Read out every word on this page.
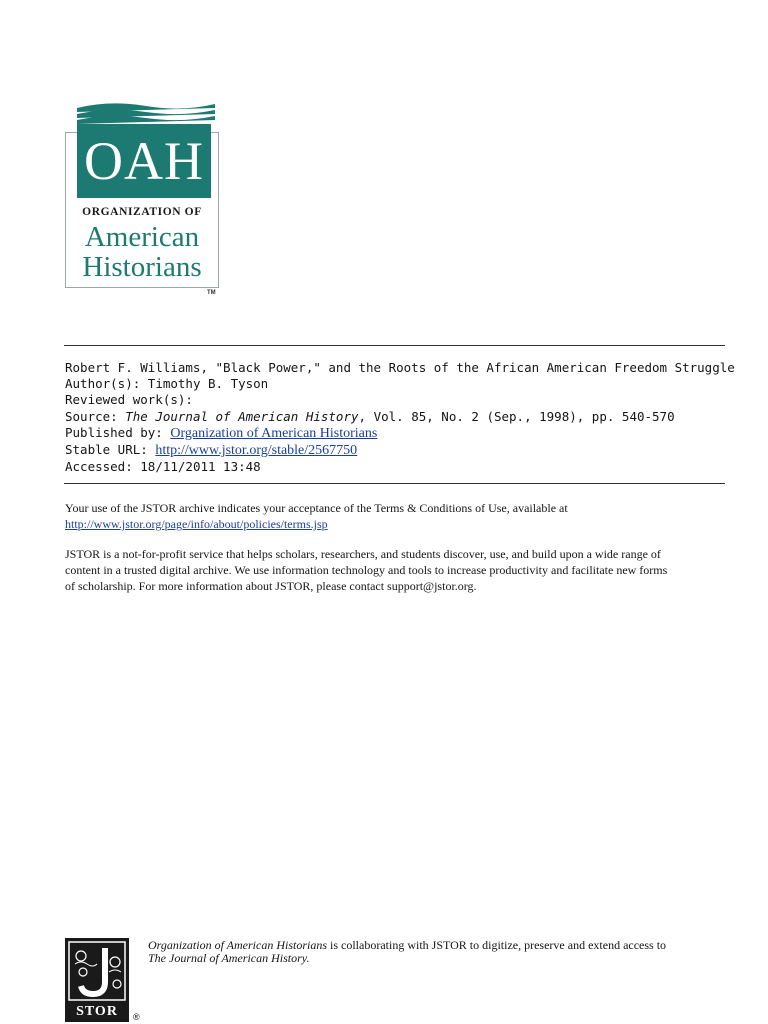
OAH
ORGANIZATION OF
American
Historians
TM
Robert F. Williams, "Black Power," and the Roots of the African American Freedom Struggle
Author(s): Timothy B. Tyson
Reviewed work(s):
Source: The Journal of American History, Vol. 85, No. 2 (Sep., 1998), pp. 540-570
Published by: Organization of American Historians
Stable URL: http://www.jstor.org/stable/2567750
Accessed: 18/11/2011 13:48

Your use of the JSTOR archive indicates your acceptance of the Terms & Conditions of Use, available at
http://www.jstor.org/page/info/about/policies/terms.jsp

JSTOR is a not-for-profit service that helps scholars, researchers, and students discover, use, and build upon a wide range of
content in a trusted digital archive. We use information technology and tools to increase productivity and facilitate new forms
of scholarship. For more information about JSTOR, please contact support@jstor.org.

STOR	®
Organization of American Historians is collaborating with JSTOR to digitize, preserve and extend access to
The Journal of American History.
